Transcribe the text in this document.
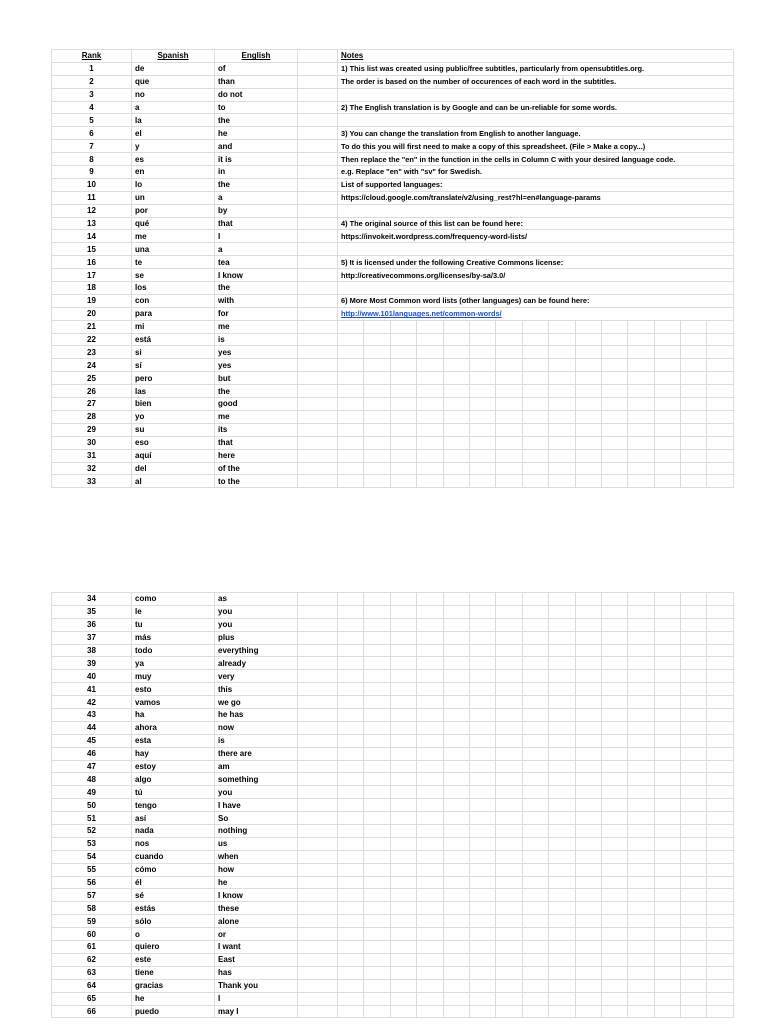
Rank	Spanish	English		Notes														
1	de	of		1) This list was created using public/free subtitles, particularly from opensubtitles.org.														
2	que	than		The order is based on the number of occurences of each word in the subtitles.														
3	no	do not																
4	a	to		2) The English translation is by Google and can be un-reliable for some words.														
5	la	the																
6	el	he		3) You can change the translation from English to another language.														
7	y	and		To do this you will first need to make a copy of this spreadsheet. (File > Make a copy...)														
8	es	it is		Then replace the "en" in the function in the cells in Column C with your desired language code.														
9	en	in		e.g. Replace "en" with "sv" for Swedish.														
10	lo	the		List of supported languages:														
11	un	a		https://cloud.google.com/translate/v2/using_rest?hl=en#language-params														
12	por	by																
13	qué	that		4) The original source of this list can be found here:														
14	me	I		https://invokeit.wordpress.com/frequency-word-lists/														
15	una	a																
16	te	tea		5) It is licensed under the following Creative Commons license:														
17	se	I know		http://creativecommons.org/licenses/by-sa/3.0/														
18	los	the																
19	con	with		6) More Most Common word lists (other languages) can be found here:														
20	para	for		http://www.101languages.net/common-words/														
21	mi	me																
22	está	is																
23	si	yes																
24	sí	yes																
25	pero	but																
26	las	the																
27	bien	good																
28	yo	me																
29	su	its																
30	eso	that																
31	aquí	here																
32	del	of the																
33	al	to the																
34	como	as																
35	le	you																
36	tu	you																
37	más	plus																
38	todo	everything																
39	ya	already																
40	muy	very																
41	esto	this																
42	vamos	we go																
43	ha	he has																
44	ahora	now																
45	esta	is																
46	hay	there are																
47	estoy	am																
48	algo	something																
49	tú	you																
50	tengo	I have																
51	así	So																
52	nada	nothing																
53	nos	us																
54	cuando	when																
55	cómo	how																
56	él	he																
57	sé	I know																
58	estás	these																
59	sólo	alone																
60	o	or																
61	quiero	I want																
62	este	East																
63	tiene	has																
64	gracias	Thank you																
65	he	I																
66	puedo	may I																
